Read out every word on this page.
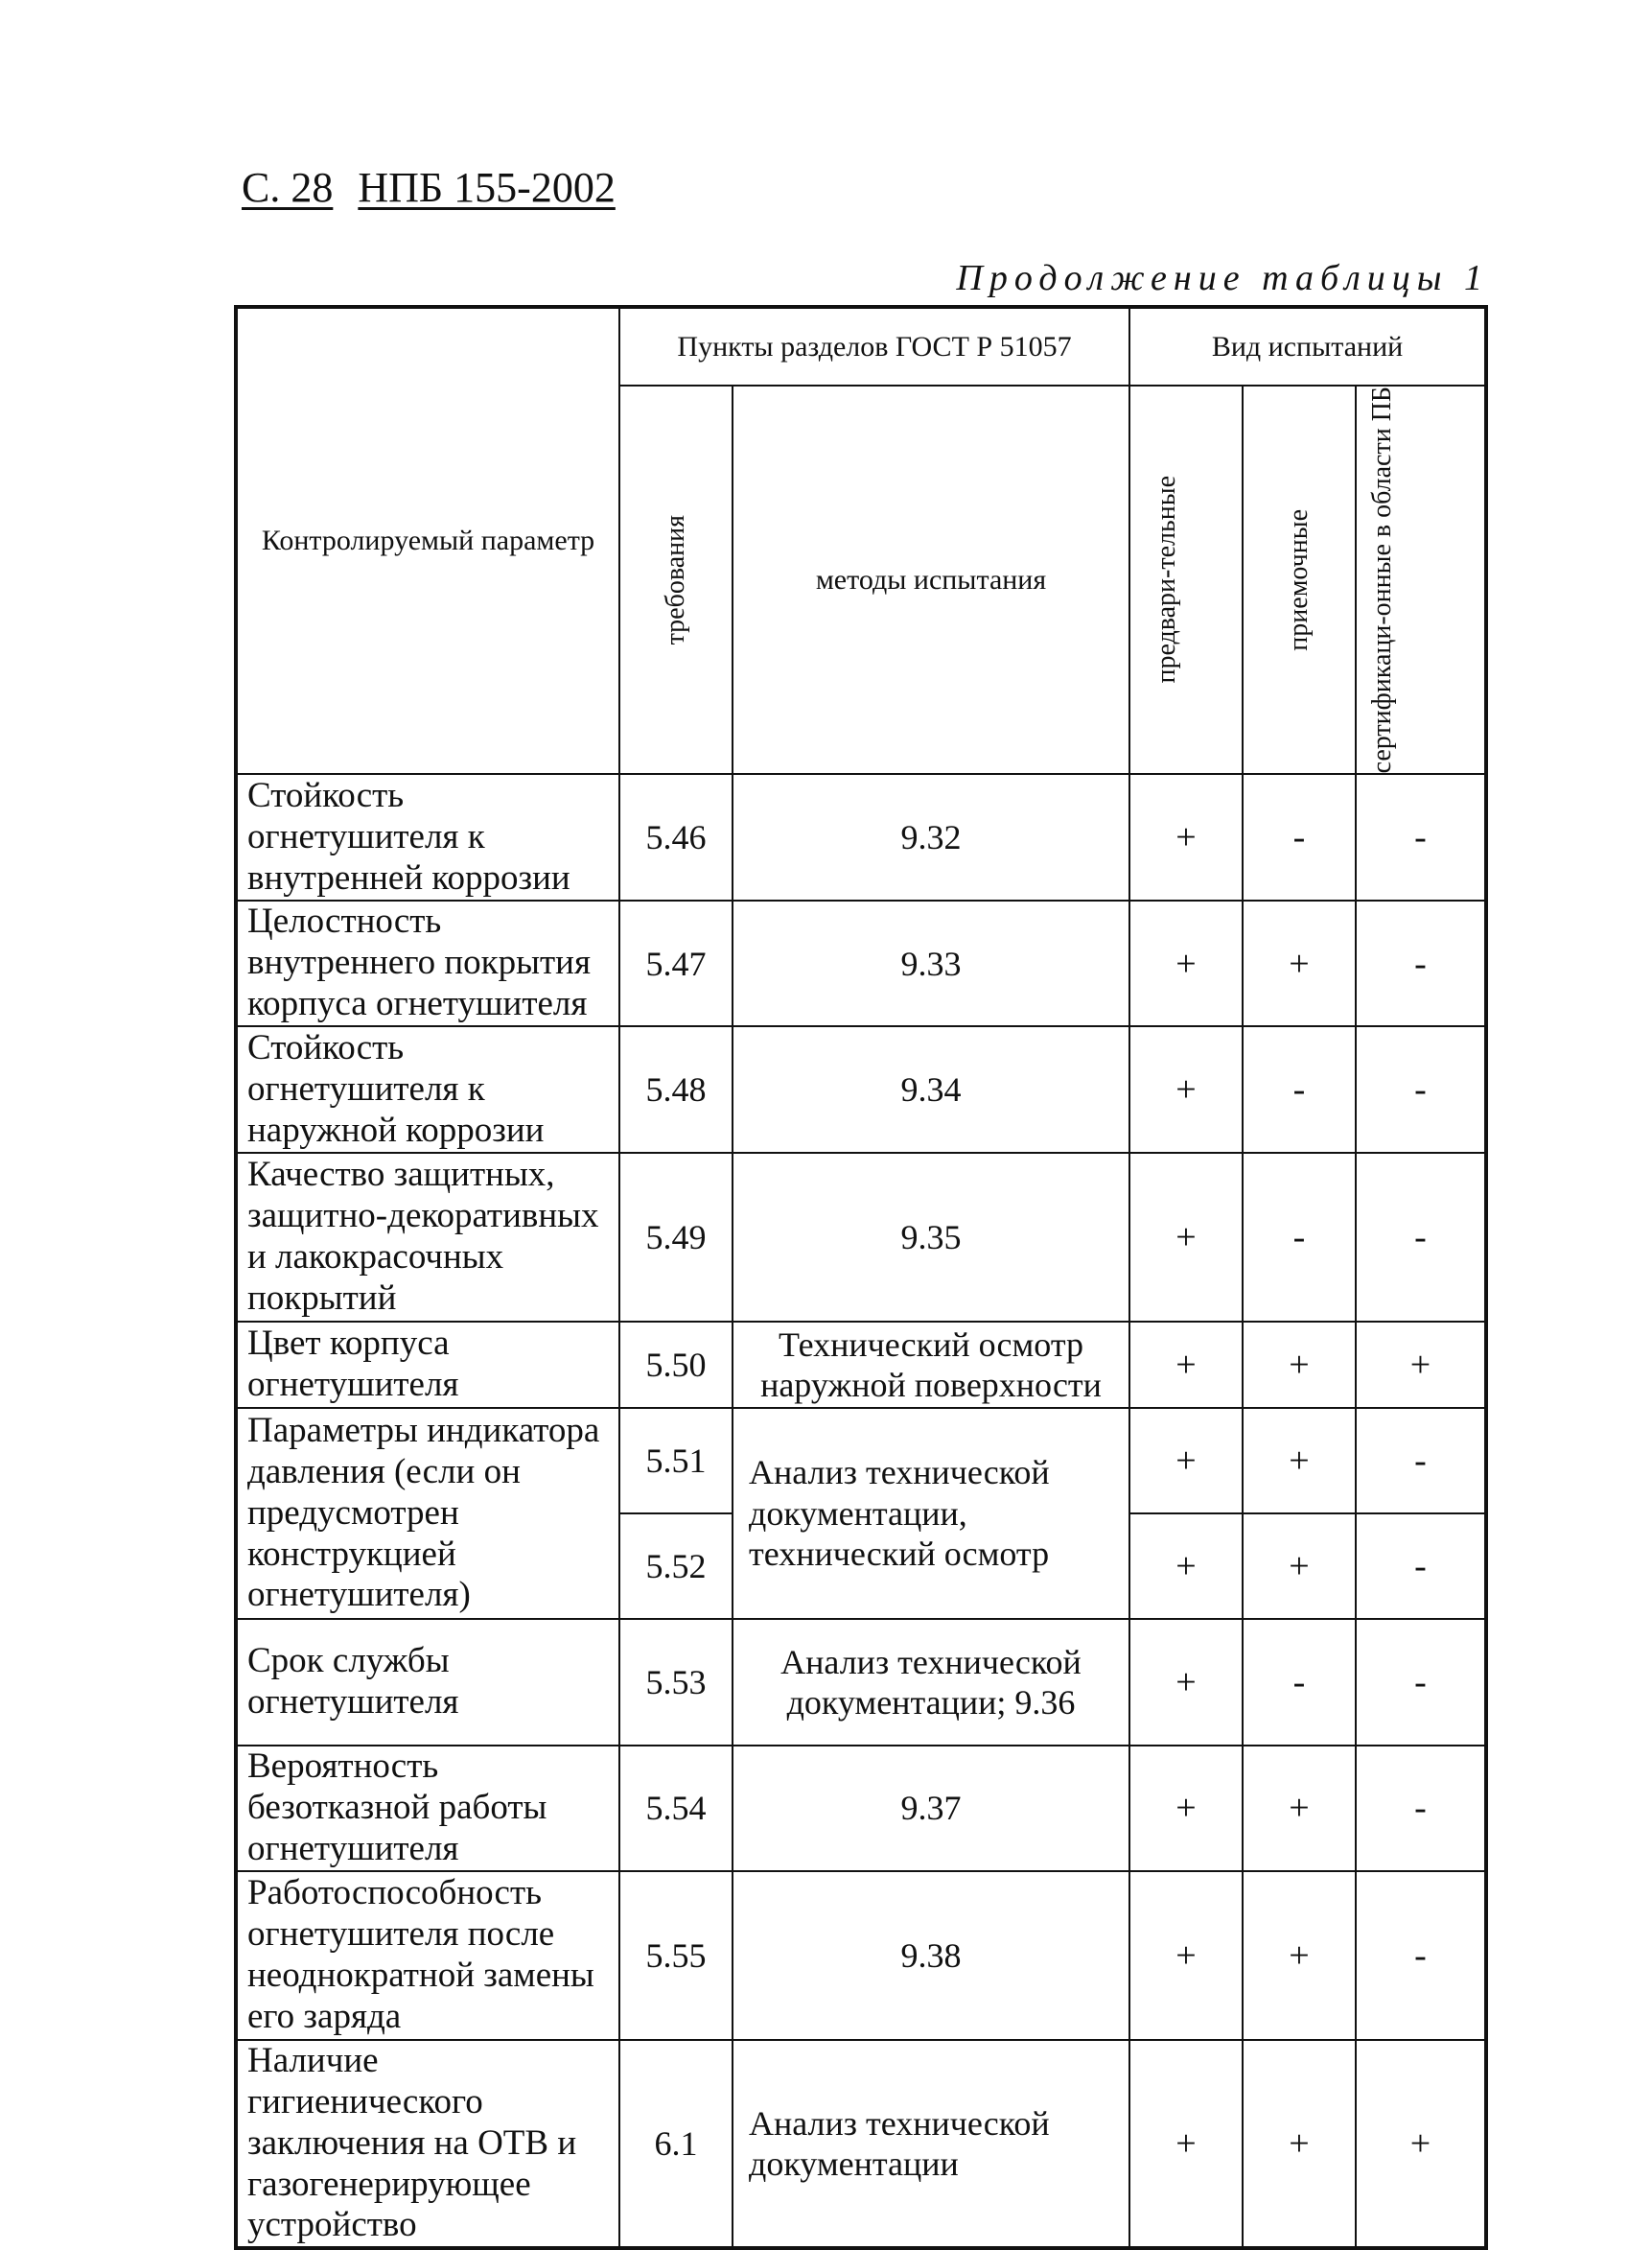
С. 28 НПБ 155-2002
Продолжение таблицы 1
Контролируемый параметр	Пункты разделов ГОСТ Р 51057		Вид испытаний		

	требования	методы испытания	предвари-тельные	приемочные	сертификаци-онные в области ПБ

Стойкость огнетушителя к внутренней коррозии	5.46	9.32	+	-	-
Целостность внутреннего покрытия корпуса огнетушителя	5.47	9.33	+	+	-
Стойкость огнетушителя к наружной коррозии	5.48	9.34	+	-	-
Качество защитных, защитно-декоративных и лакокрасочных покрытий	5.49	9.35	+	-	-
Цвет корпуса огнетушителя	5.50	Технический осмотр наружной поверхности	+	+	+
Параметры индикатора давления (если он предусмотрен конструкцией огнетушителя)	5.51	Анализ технической документации, технический осмотр	+	+	-
	5.52		+	+	-
Срок службы огнетушителя	5.53	Анализ технической документации; 9.36	+	-	-
Вероятность безотказной работы огнетушителя	5.54	9.37	+	+	-
Работоспособность огнетушителя после неоднократной замены его заряда	5.55	9.38	+	+	-
Наличие гигиенического заключения на ОТВ и газогенерирующее устройство	6.1	Анализ технической документации	+	+	+
